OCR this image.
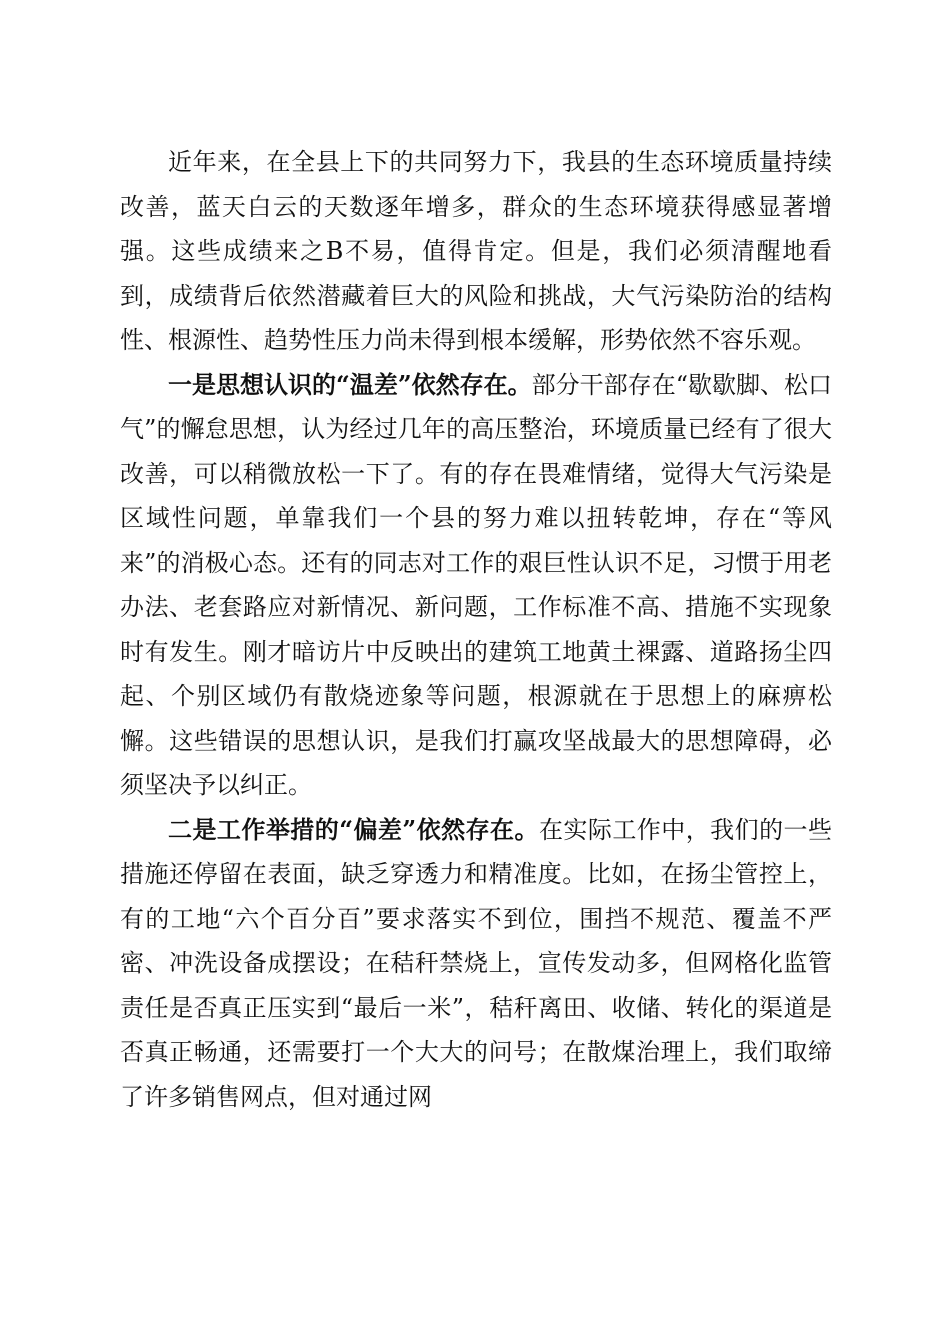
近年来，在全县上下的共同努力下，我县的生态环境质量持续改善，蓝天白云的天数逐年增多，群众的生态环境获得感显著增强。这些成绩来之B不易，值得肯定。但是，我们必须清醒地看到，成绩背后依然潜藏着巨大的风险和挑战，大气污染防治的结构性、根源性、趋势性压力尚未得到根本缓解，形势依然不容乐观。

一是思想认识的“温差”依然存在。部分干部存在“歇歇脚、松口气”的懈怠思想，认为经过几年的高压整治，环境质量已经有了很大改善，可以稍微放松一下了。有的存在畏难情绪，觉得大气污染是区域性问题，单靠我们一个县的努力难以扭转乾坤，存在“等风来”的消极心态。还有的同志对工作的艰巨性认识不足，习惯于用老办法、老套路应对新情况、新问题，工作标准不高、措施不实现象时有发生。刚才暗访片中反映出的建筑工地黄土裸露、道路扬尘四起、个别区域仍有散烧迹象等问题，根源就在于思想上的麻痹松懈。这些错误的思想认识，是我们打赢攻坚战最大的思想障碍，必须坚决予以纠正。

二是工作举措的“偏差”依然存在。在实际工作中，我们的一些措施还停留在表面，缺乏穿透力和精准度。比如，在扬尘管控上，有的工地“六个百分百”要求落实不到位，围挡不规范、覆盖不严密、冲洗设备成摆设；在秸秆禁烧上，宣传发动多，但网格化监管责任是否真正压实到“最后一米”，秸秆离田、收储、转化的渠道是否真正畅通，还需要打一个大大的问号；在散煤治理上，我们取缔了许多销售网点，但对通过网
